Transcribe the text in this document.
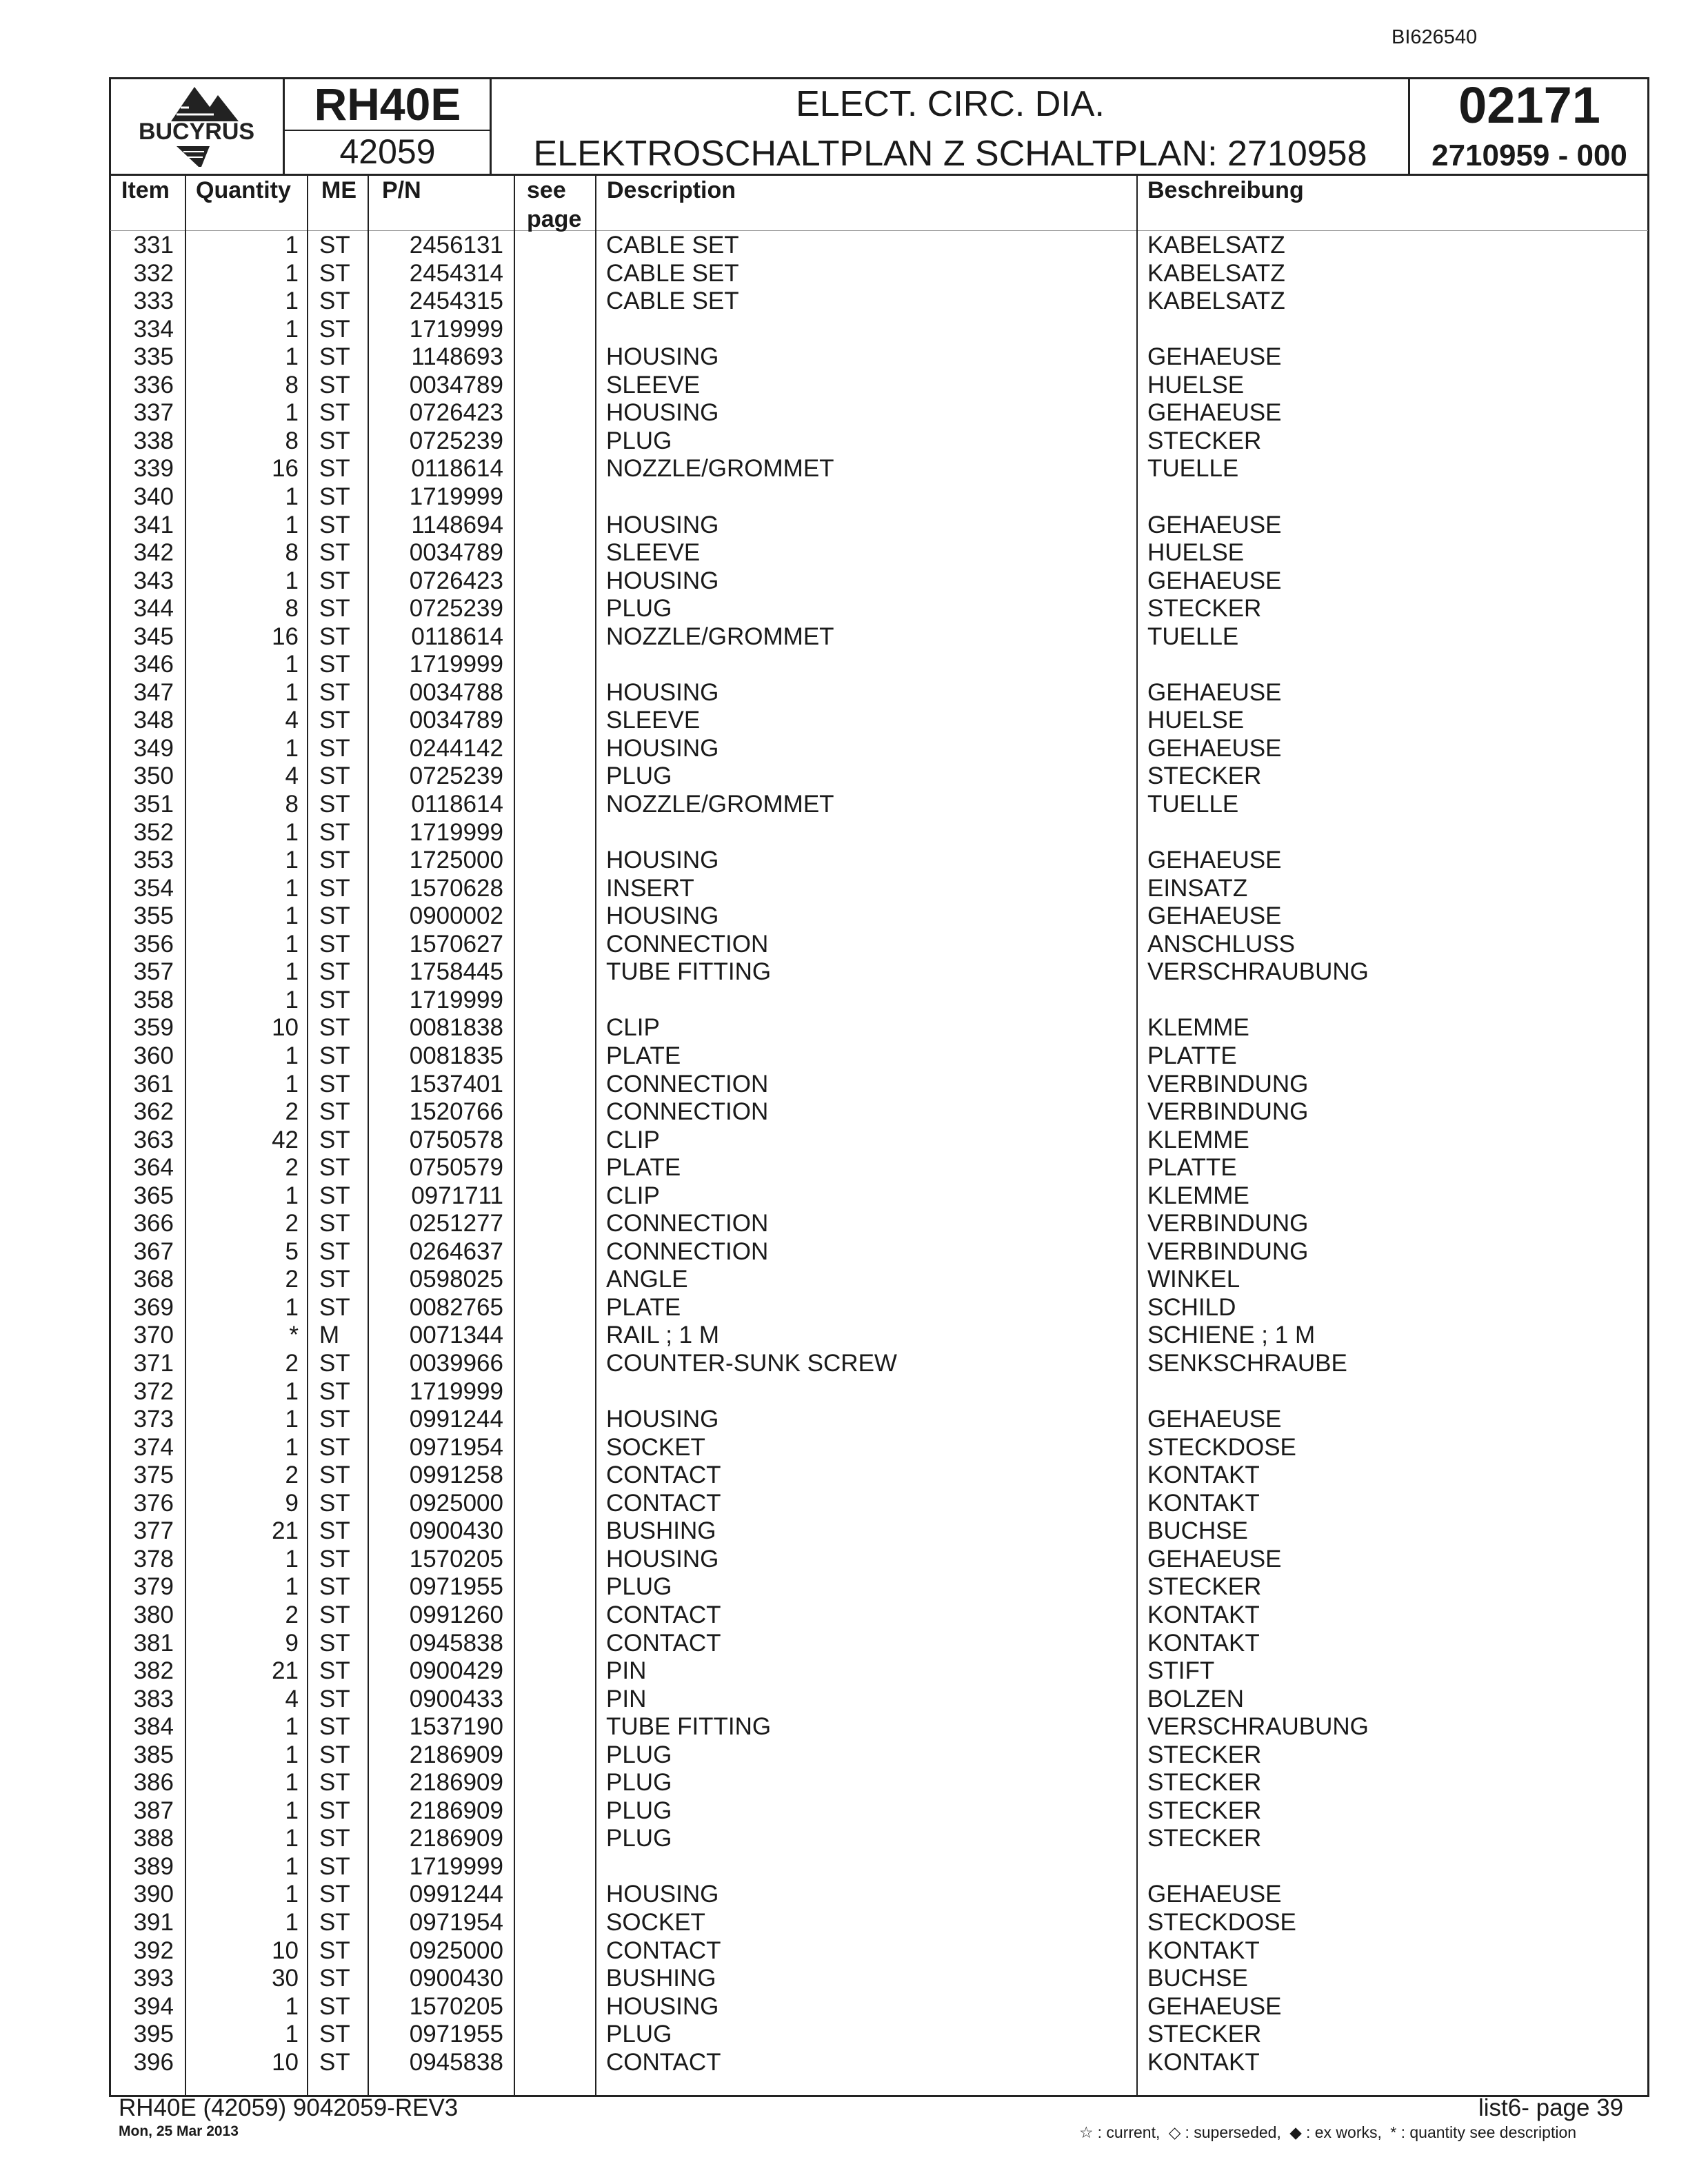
BI626540
BUCYRUS
RH40E
42059
ELECT. CIRC. DIA.
ELEKTROSCHALTPLAN Z SCHALTPLAN: 2710958
02171
2710959 - 000
Item Quantity ME P/N	see
page
Description	Beschreibung
331	1 ST	2456131	CABLE SET	KABELSATZ
332	1 ST	2454314	CABLE SET	KABELSATZ
333	1 ST	2454315	CABLE SET	KABELSATZ
334	1 ST	1719999
335	1 ST	1148693	HOUSING	GEHAEUSE
336	8 ST	0034789	SLEEVE	HUELSE
337	1 ST	0726423	HOUSING	GEHAEUSE
338	8 ST	0725239	PLUG	STECKER
339	16 ST	0118614	NOZZLE/GROMMET	TUELLE
340	1 ST	1719999
341	1 ST	1148694	HOUSING	GEHAEUSE
342	8 ST	0034789	SLEEVE	HUELSE
343	1 ST	0726423	HOUSING	GEHAEUSE
344	8 ST	0725239	PLUG	STECKER
345	16 ST	0118614	NOZZLE/GROMMET	TUELLE
346	1 ST	1719999
347	1 ST	0034788	HOUSING	GEHAEUSE
348	4 ST	0034789	SLEEVE	HUELSE
349	1 ST	0244142	HOUSING	GEHAEUSE
350	4 ST	0725239	PLUG	STECKER
351	8 ST	0118614	NOZZLE/GROMMET	TUELLE
352	1 ST	1719999
353	1 ST	1725000	HOUSING	GEHAEUSE
354	1 ST	1570628	INSERT	EINSATZ
355	1 ST	0900002	HOUSING	GEHAEUSE
356	1 ST	1570627	CONNECTION	ANSCHLUSS
357	1 ST	1758445	TUBE FITTING	VERSCHRAUBUNG
358	1 ST	1719999
359	10 ST	0081838	CLIP	KLEMME
360	1 ST	0081835	PLATE	PLATTE
361	1 ST	1537401	CONNECTION	VERBINDUNG
362	2 ST	1520766	CONNECTION	VERBINDUNG
363	42 ST	0750578	CLIP	KLEMME
364	2 ST	0750579	PLATE	PLATTE
365	1 ST	0971711	CLIP	KLEMME
366	2 ST	0251277	CONNECTION	VERBINDUNG
367	5 ST	0264637	CONNECTION	VERBINDUNG
368	2 ST	0598025	ANGLE	WINKEL
369	1 ST	0082765	PLATE	SCHILD
370	* M	0071344	RAIL ; 1 M	SCHIENE ; 1 M
371	2 ST	0039966	COUNTER-SUNK SCREW	SENKSCHRAUBE
372	1 ST	1719999
373	1 ST	0991244	HOUSING	GEHAEUSE
374	1 ST	0971954	SOCKET	STECKDOSE
375	2 ST	0991258	CONTACT	KONTAKT
376	9 ST	0925000	CONTACT	KONTAKT
377	21 ST	0900430	BUSHING	BUCHSE
378	1 ST	1570205	HOUSING	GEHAEUSE
379	1 ST	0971955	PLUG	STECKER
380	2 ST	0991260	CONTACT	KONTAKT
381	9 ST	0945838	CONTACT	KONTAKT
382	21 ST	0900429	PIN	STIFT
383	4 ST	0900433	PIN	BOLZEN
384	1 ST	1537190	TUBE FITTING	VERSCHRAUBUNG
385	1 ST	2186909	PLUG	STECKER
386	1 ST	2186909	PLUG	STECKER
387	1 ST	2186909	PLUG	STECKER
388	1 ST	2186909	PLUG	STECKER
389	1 ST	1719999
390	1 ST	0991244	HOUSING	GEHAEUSE
391	1 ST	0971954	SOCKET	STECKDOSE
392	10 ST	0925000	CONTACT	KONTAKT
393	30 ST	0900430	BUSHING	BUCHSE
394	1 ST	1570205	HOUSING	GEHAEUSE
395	1 ST	0971955	PLUG	STECKER
396	10 ST	0945838	CONTACT	KONTAKT
RH40E (42059) 9042059-REV3
Mon, 25 Mar 2013
list6- page 39
☆ : current, ◇ : superseded, ◆ : ex works, * : quantity see description
